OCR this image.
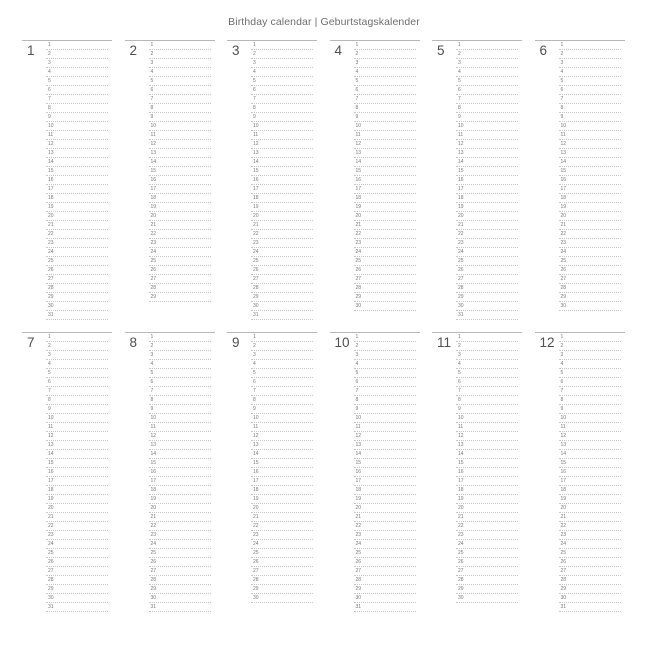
Birthday calendar | Geburtstagskalender
1	1
2
3
4
5
6
7
8
9
10
11
12
13
14
15
16
17
18
19
20
21
22
23
24
25
26
27
28
29
30
31
2	1
2
3
4
5
6
7
8
9
10
11
12
13
14
15
16
17
18
19
20
21
22
23
24
25
26
27
28
29
3	1
2
3
4
5
6
7
8
9
10
11
12
13
14
15
16
17
18
19
20
21
22
23
24
25
26
27
28
29
30
31
4	1
2
3
4
5
6
7
8
9
10
11
12
13
14
15
16
17
18
19
20
21
22
23
24
25
26
27
28
29
30
5	1
2
3
4
5
6
7
8
9
10
11
12
13
14
15
16
17
18
19
20
21
22
23
24
25
26
27
28
29
30
31
6	1
2
3
4
5
6
7
8
9
10
11
12
13
14
15
16
17
18
19
20
21
22
23
24
25
26
27
28
29
30
7	1
2
3
4
5
6
7
8
9
10
11
12
13
14
15
16
17
18
19
20
21
22
23
24
25
26
27
28
29
30
31
8	1
2
3
4
5
6
7
8
9
10
11
12
13
14
15
16
17
18
19
20
21
22
23
24
25
26
27
28
29
30
31
9	1
2
3
4
5
6
7
8
9
10
11
12
13
14
15
16
17
18
19
20
21
22
23
24
25
26
27
28
29
30
10 1
2
3
4
5
6
7
8
9
10
11
12
13
14
15
16
17
18
19
20
21
22
23
24
25
26
27
28
29
30
31
11 1
2
3
4
5
6
7
8
9
10
11
12
13
14
15
16
17
18
19
20
21
22
23
24
25
26
27
28
29
30
12 1
2
3
4
5
6
7
8
9
10
11
12
13
14
15
16
17
18
19
20
21
22
23
24
25
26
27
28
29
30
31
